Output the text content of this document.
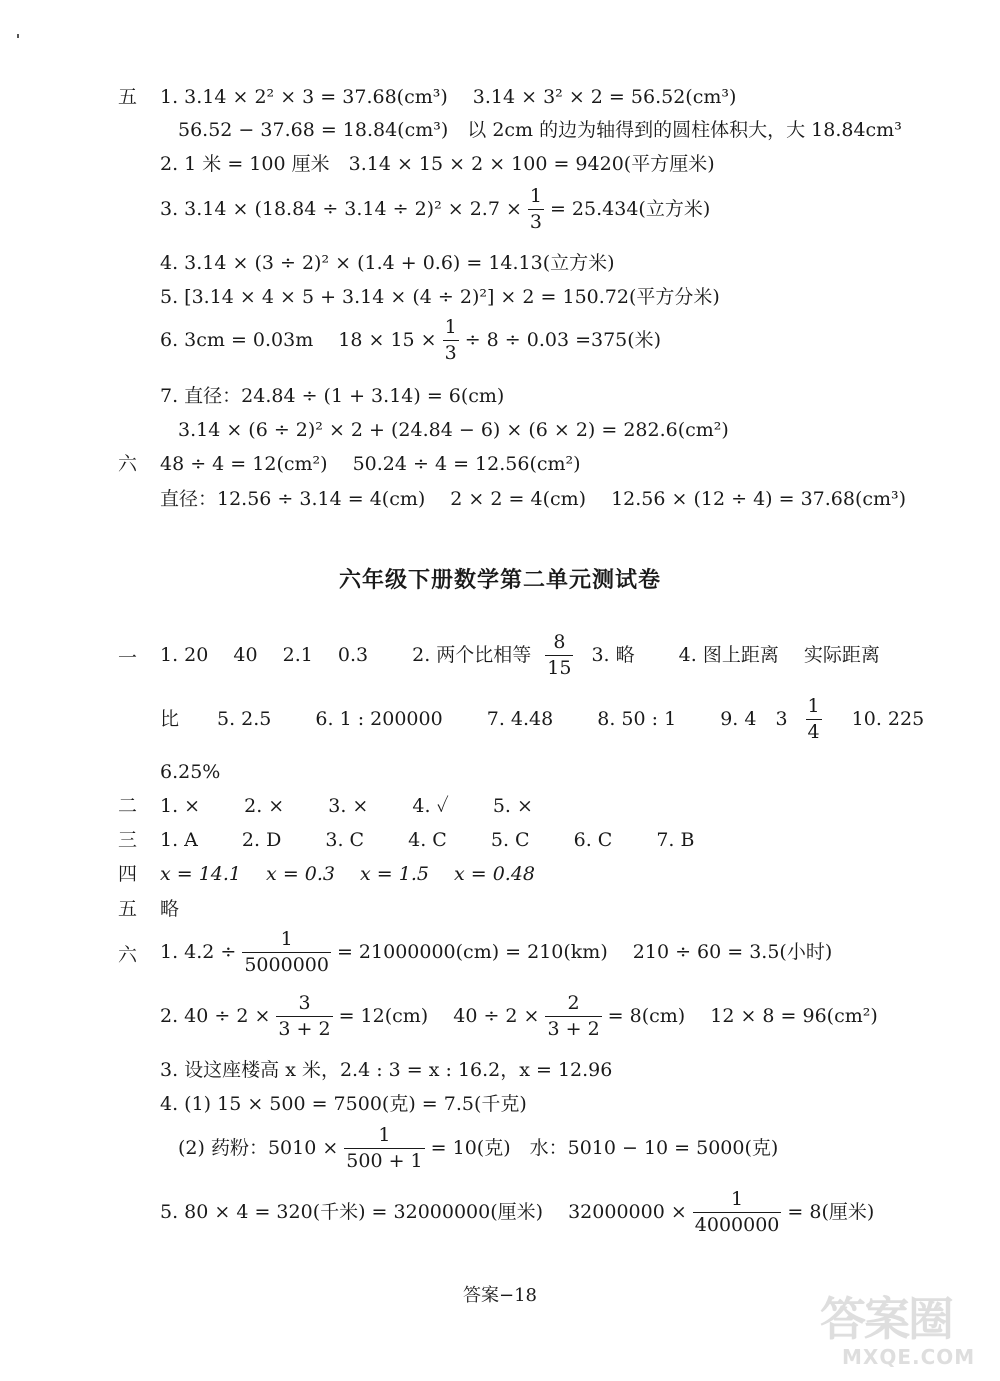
五 1. 3.14 × 2² × 3 = 37.68(cm³)　 3.14 × 3² × 2 = 56.52(cm³)
56.52 − 37.68 = 18.84(cm³)　以 2cm 的边为轴得到的圆柱体积大，大 18.84cm³
2. 1 米 = 100 厘米　3.14 × 15 × 2 × 100 = 9420(平方厘米)
3. $3.14 \times (18.84 \div 3.14 \div 2)^2 \times 2.7 \times \frac{1}{3} = 25.434$(立方米)
4. 3.14 × (3 ÷ 2)² × (1.4 + 0.6) = 14.13(立方米)
5. [3.14 × 4 × 5 + 3.14 × (4 ÷ 2)²] × 2 = 150.72(平方分米)
6. 3cm = 0.03m　 $18 \times 15 \times \frac{1}{3} \div 8 \div 0.03 =375$(米)
7. 直径：24.84 ÷ (1 + 3.14) = 6(cm)
3.14 × (6 ÷ 2)² × 2 + (24.84 − 6) × (6 × 2) = 282.6(cm²)
六 48 ÷ 4 = 12(cm²)　 50.24 ÷ 4 = 12.56(cm²)
直径：12.56 ÷ 3.14 = 4(cm)　 2 × 2 = 4(cm)　 12.56 × (12 ÷ 4) = 37.68(cm³)
六年级下册数学第二单元测试卷
一 1. 20　 40　 2.1　 0.3　　 2. 两个比相等 $\frac{8}{15} 3$. 略　　 4. 图上距离　 实际距离
比　　5. 2.5　　 6. 1 : 200000　　 7. 4.48　　 8. 50 : 1　　 9. 4　$3 \frac{1}{4} 10$. 225
6.25%
二 1. ×　　 2. ×　　 3. ×　　 4. ✓　　 5. ×
三 1. A　　 2. D　　 3. C　　 4. C　　 5. C　　 6. C　　 7. B
四 x = 14.1　 x = 0.3　 x = 1.5　 x = 0.48
五 略
六 1. $4.2 \div \frac{1}{5000000} = 21000000(cm) = 210(km)$　 210 ÷ 60 = 3.5(小时)
2. $40 \div 2 \times \frac{3}{3 + 2} = 12(cm)$　 $40 \div 2 \times \frac{2}{3 + 2} = 8(cm)$　 12 × 8 = 96(cm²)
3. 设这座楼高 x 米，2.4 : 3 = x : 16.2，x = 12.96
4. (1) 15 × 500 = 7500(克) = 7.5(千克)
(2) 药粉：$5010 \times \frac{1}{500 + 1} = 10$(克)　水：5010 − 10 = 5000(克)
5. 80 × 4 = 320(千米) = 32000000(厘米)　 $32000000 \times \frac{1}{4000000} = 8$(厘米)
答案−18	答案圈
MXQE.COM
